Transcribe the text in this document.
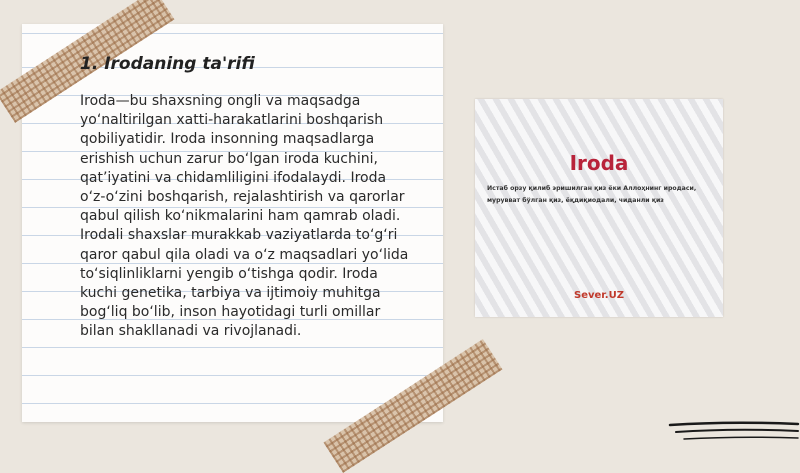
1. Irodaning ta'rifi

Iroda—bu shaxsning ongli va maqsadga yo‘naltirilgan xatti-harakatlarini boshqarish qobiliyatidir. Iroda insonning maqsadlarga erishish uchun zarur bo‘lgan iroda kuchini, qat’iyatini va chidamliligini ifodalaydi. Iroda o‘z-o‘zini boshqarish, rejalashtirish va qarorlar qabul qilish ko‘nikmalarini ham qamrab oladi. Irodali shaxslar murakkab vaziyatlarda to‘g‘ri qaror qabul qila oladi va o‘z maqsadlari yo‘lida to‘siqlinliklarni yengib o‘tishga qodir. Iroda kuchi genetika, tarbiya va ijtimoiy muhitga bog‘liq bo‘lib, inson hayotidagi turli omillar bilan shakllanadi va rivojlanadi.

Iroda
Истаб орзу қилиб эришилган қиз ёки Аллоҳнинг иродаси, мурувват бўлган қиз, ёқдиқиодали, чиданли қиз
Sever.UZ
